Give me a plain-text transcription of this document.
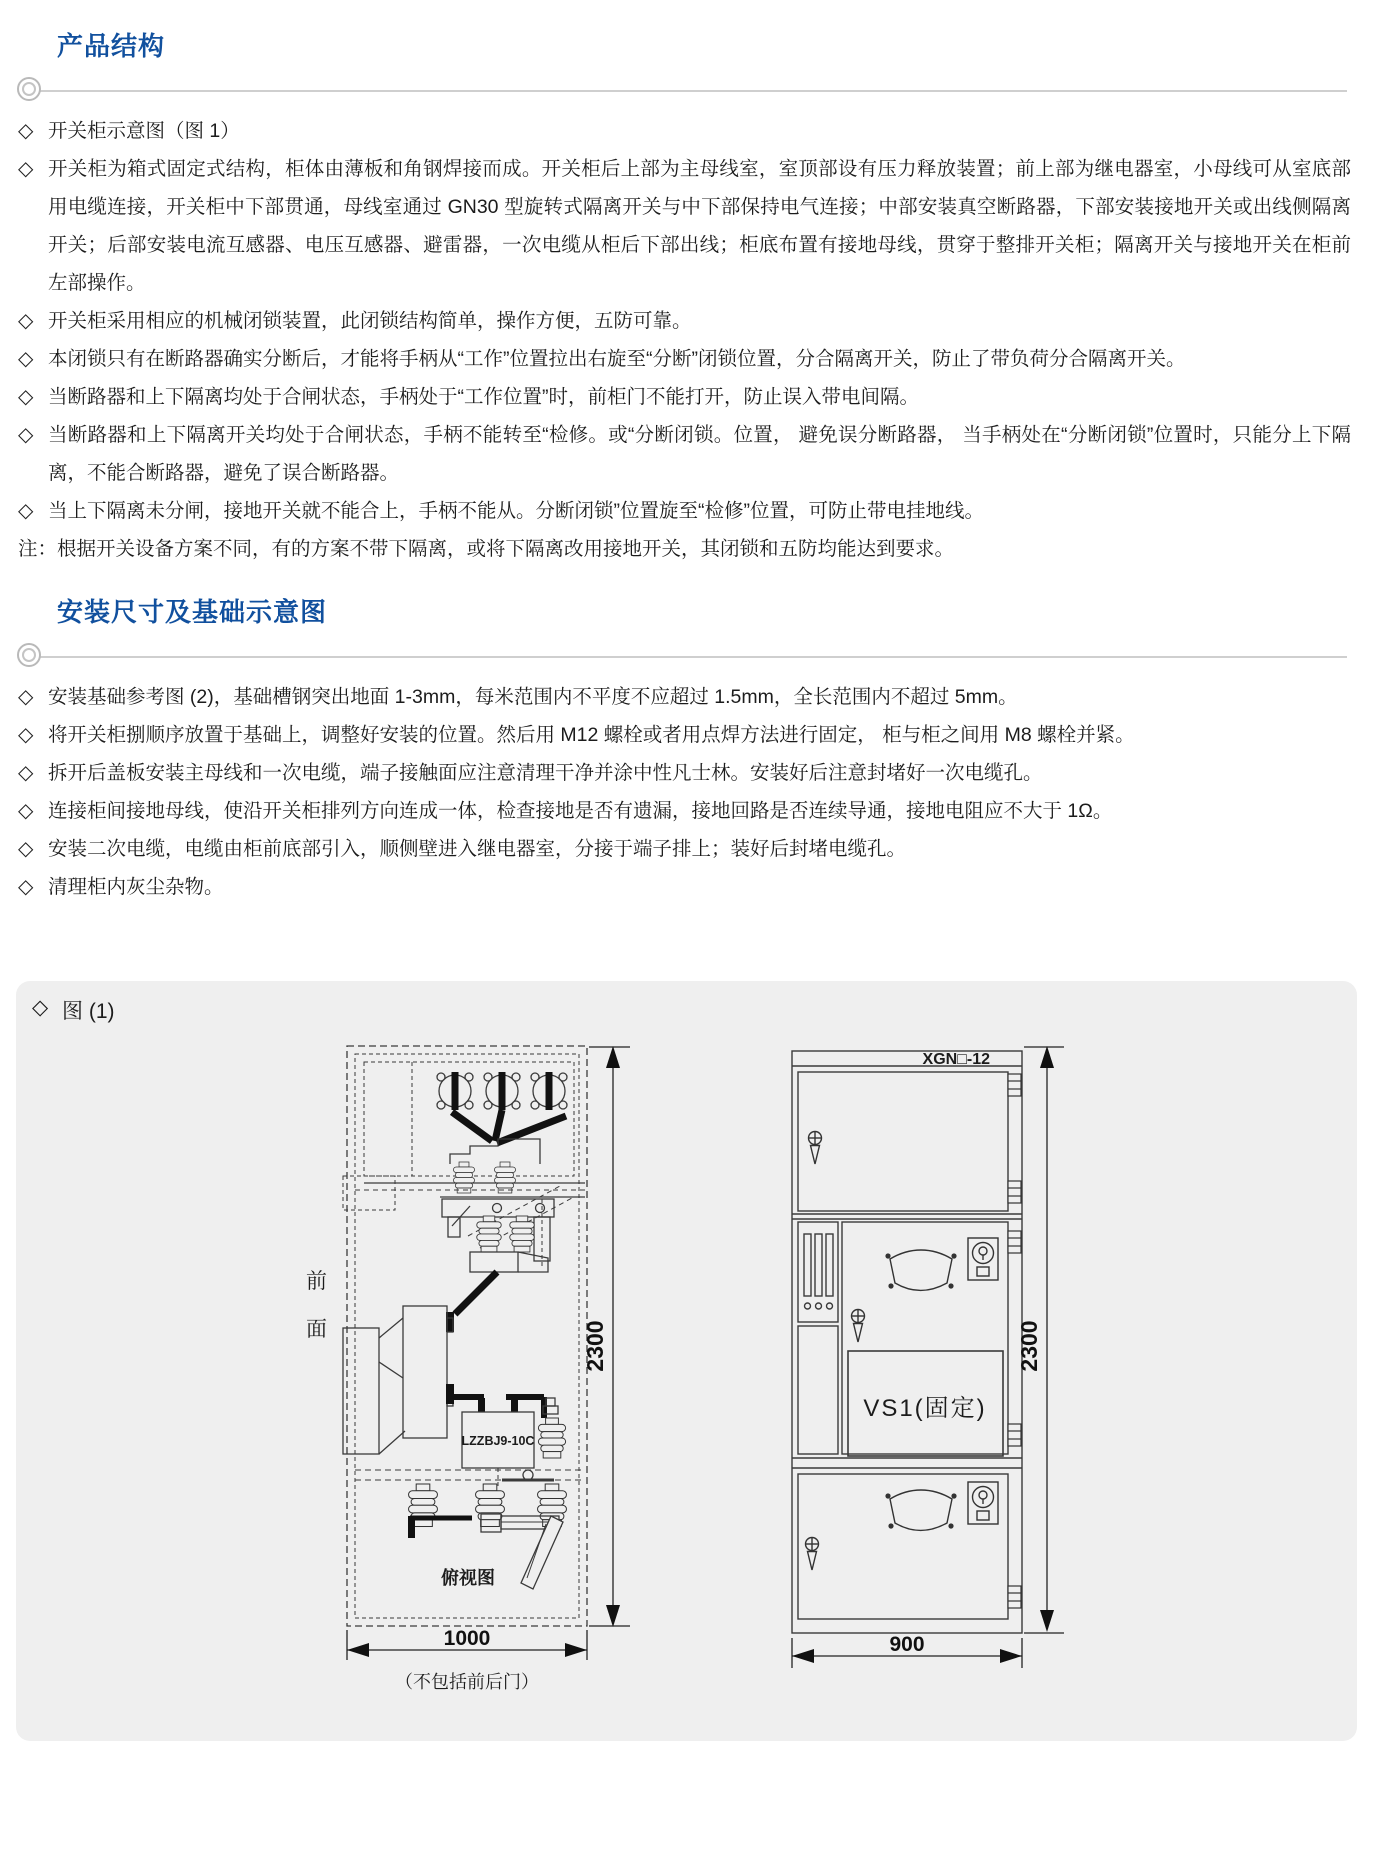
产品结构
◇ 开关柜示意图（图 1）
◇ 开关柜为箱式固定式结构，柜体由薄板和角钢焊接而成。开关柜后上部为主母线室，室顶部设有压力释放装置；前上部为继电器室，小母线可从室底部用电缆连接，开关柜中下部贯通，母线室通过 GN30 型旋转式隔离开关与中下部保持电气连接；中部安装真空断路器，下部安装接地开关或出线侧隔离开关；后部安装电流互感器、电压互感器、避雷器，一次电缆从柜后下部出线；柜底布置有接地母线，贯穿于整排开关柜；隔离开关与接地开关在柜前左部操作。
◇ 开关柜采用相应的机械闭锁装置，此闭锁结构简单，操作方便，五防可靠。
◇ 本闭锁只有在断路器确实分断后，才能将手柄从“工作”位置拉出右旋至“分断”闭锁位置，分合隔离开关，防止了带负荷分合隔离开关。
◇ 当断路器和上下隔离均处于合闸状态，手柄处于“工作位置”时，前柜门不能打开，防止误入带电间隔。
◇ 当断路器和上下隔离开关均处于合闸状态，手柄不能转至“检修。或“分断闭锁。位置， 避免误分断路器， 当手柄处在“分断闭锁”位置时，只能分上下隔离，不能合断路器，避免了误合断路器。
◇ 当上下隔离未分闸，接地开关就不能合上，手柄不能从。分断闭锁”位置旋至“检修”位置，可防止带电挂地线。

注：根据开关设备方案不同，有的方案不带下隔离，或将下隔离改用接地开关，其闭锁和五防均能达到要求。

安装尺寸及基础示意图
◇ 安装基础参考图 (2)，基础槽钢突出地面 1-3mm，每米范围内不平度不应超过 1.5mm，全长范围内不超过 5mm。
◇ 将开关柜捌顺序放置于基础上，调整好安装的位置。然后用 M12 螺栓或者用点焊方法进行固定， 柜与柜之间用 M8 螺栓并紧。
◇ 拆开后盖板安装主母线和一次电缆，端子接触面应注意清理干净并涂中性凡士林。安装好后注意封堵好一次电缆孔。
◇ 连接柜间接地母线，使沿开关柜排列方向连成一体，检查接地是否有遗漏，接地回路是否连续导通，接地电阻应不大于 1Ω。
◇ 安装二次电缆，电缆由柜前底部引入，顺侧壁进入继电器室，分接于端子排上；装好后封堵电缆孔。
◇ 清理柜内灰尘杂物。
◇ 图 (1)
前
面
LZZBJ9-10C
俯视图
2300
1000
（不包括前后门）
XGN□-12
VS1(固定)
2300
900
